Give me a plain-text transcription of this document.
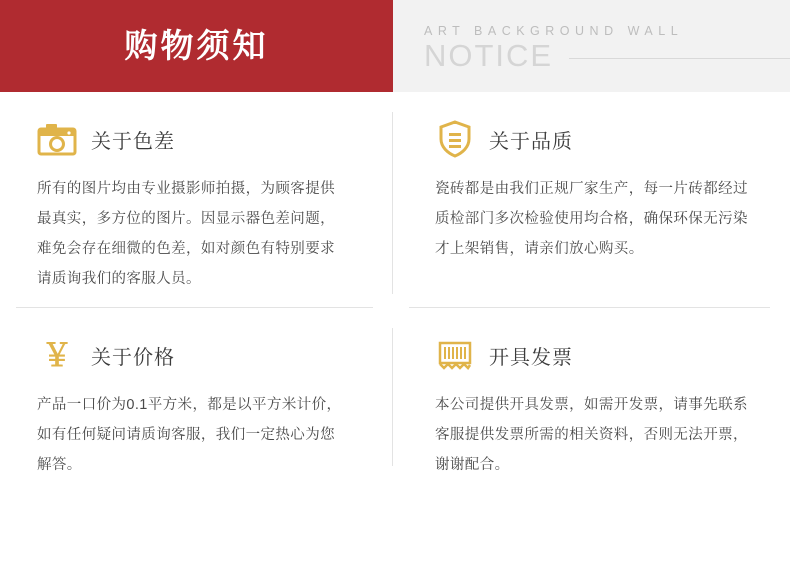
购物须知	ART BACKGROUND WALL
NOTICE
关于色差

所有的图片均由专业摄影师拍摄，为顾客提供最真实，多方位的图片。因显示器色差问题，难免会存在细微的色差，如对颜色有特别要求请质询我们的客服人员。

关于品质

瓷砖都是由我们正规厂家生产，每一片砖都经过质检部门多次检验使用均合格，确保环保无污染才上架销售，请亲们放心购买。

￥ 关于价格

产品一口价为0.1平方米，都是以平方米计价，如有任何疑问请质询客服，我们一定热心为您解答。

开具发票

本公司提供开具发票，如需开发票，请事先联系客服提供发票所需的相关资料，否则无法开票，谢谢配合。
